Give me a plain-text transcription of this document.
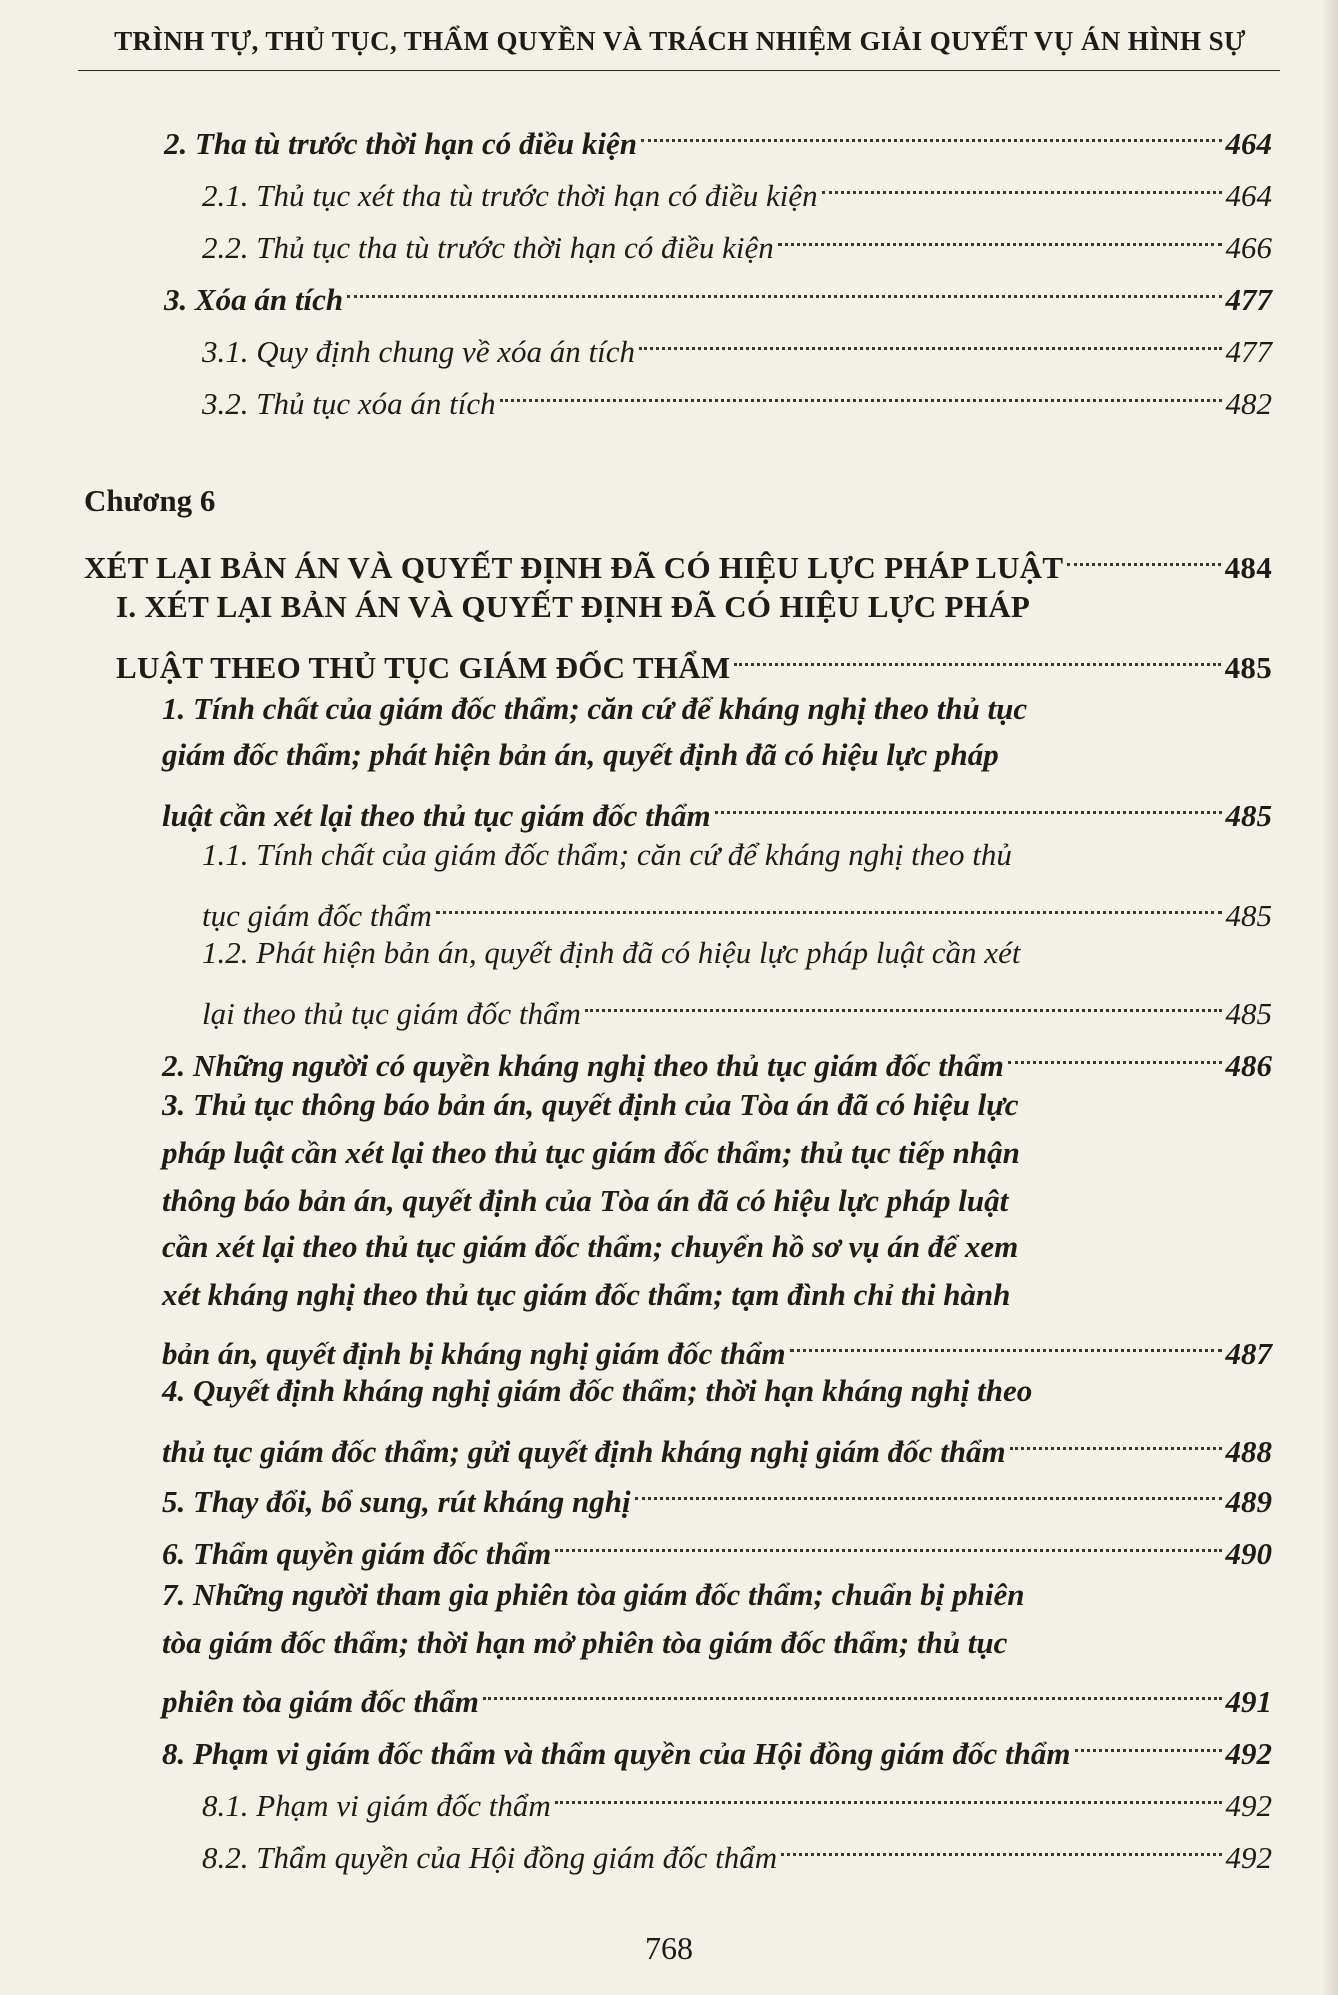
TRÌNH TỰ, THỦ TỤC, THẨM QUYỀN VÀ TRÁCH NHIỆM GIẢI QUYẾT VỤ ÁN HÌNH SỰ
2. Tha tù trước thời hạn có điều kiện	464
2.1. Thủ tục xét tha tù trước thời hạn có điều kiện	464
2.2. Thủ tục tha tù trước thời hạn có điều kiện	466
3. Xóa án tích	477
3.1. Quy định chung về xóa án tích	477
3.2. Thủ tục xóa án tích	482
Chương 6
XÉT LẠI BẢN ÁN VÀ QUYẾT ĐỊNH ĐÃ CÓ HIỆU LỰC PHÁP LUẬT	484
I. XÉT LẠI BẢN ÁN VÀ QUYẾT ĐỊNH ĐÃ CÓ HIỆU LỰC PHÁP
LUẬT THEO THỦ TỤC GIÁM ĐỐC THẨM	485
1. Tính chất của giám đốc thẩm; căn cứ để kháng nghị theo thủ tục
giám đốc thẩm; phát hiện bản án, quyết định đã có hiệu lực pháp
luật cần xét lại theo thủ tục giám đốc thẩm	485
1.1. Tính chất của giám đốc thẩm; căn cứ để kháng nghị theo thủ
tục giám đốc thẩm	485
1.2. Phát hiện bản án, quyết định đã có hiệu lực pháp luật cần xét
lại theo thủ tục giám đốc thẩm	485
2. Những người có quyền kháng nghị theo thủ tục giám đốc thẩm	486
3. Thủ tục thông báo bản án, quyết định của Tòa án đã có hiệu lực
pháp luật cần xét lại theo thủ tục giám đốc thẩm; thủ tục tiếp nhận
thông báo bản án, quyết định của Tòa án đã có hiệu lực pháp luật
cần xét lại theo thủ tục giám đốc thẩm; chuyển hồ sơ vụ án để xem
xét kháng nghị theo thủ tục giám đốc thẩm; tạm đình chỉ thi hành
bản án, quyết định bị kháng nghị giám đốc thẩm	487
4. Quyết định kháng nghị giám đốc thẩm; thời hạn kháng nghị theo
thủ tục giám đốc thẩm; gửi quyết định kháng nghị giám đốc thẩm	488
5. Thay đổi, bổ sung, rút kháng nghị	489
6. Thẩm quyền giám đốc thẩm	490
7. Những người tham gia phiên tòa giám đốc thẩm; chuẩn bị phiên
tòa giám đốc thẩm; thời hạn mở phiên tòa giám đốc thẩm; thủ tục
phiên tòa giám đốc thẩm	491
8. Phạm vi giám đốc thẩm và thẩm quyền của Hội đồng giám đốc thẩm	492
8.1. Phạm vi giám đốc thẩm	492
8.2. Thẩm quyền của Hội đồng giám đốc thẩm	492
768
